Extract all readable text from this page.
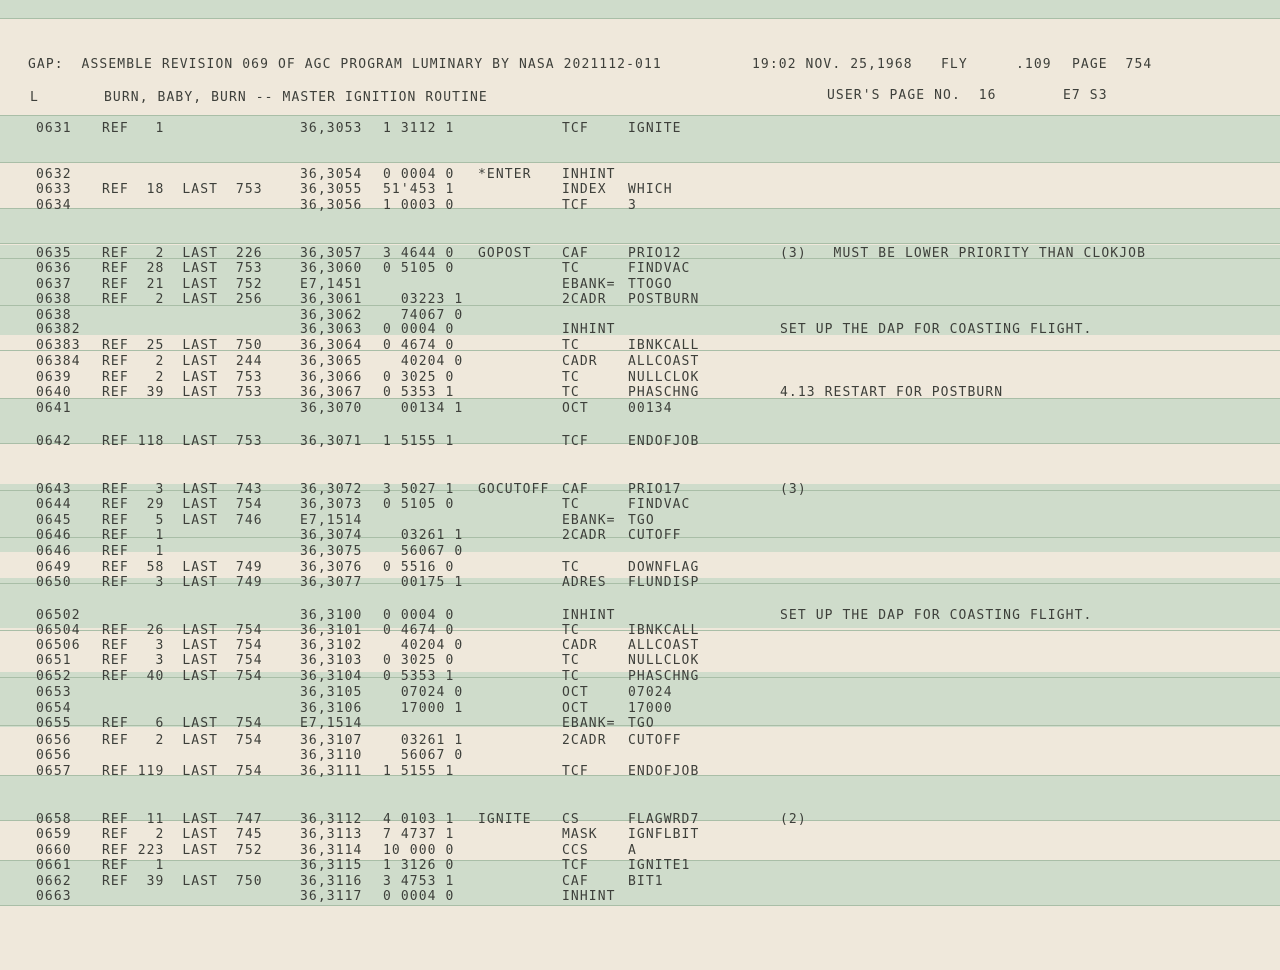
GAP:  ASSEMBLE REVISION 069 OF AGC PROGRAM LUMINARY BY NASA 2021112-011	19:02 NOV. 25,1968 FLY	.109 PAGE  754
L	BURN, BABY, BURN -- MASTER IGNITION ROUTINE	USER'S PAGE NO.  16	E7 S3
0631 REF   1	36,3053 1 3112 1	TCF	IGNITE
0632	36,3054 0 0004 0 *ENTER INHINT
0633 REF  18  LAST  753	36,3055 51'453 1	INDEX WHICH
0634	36,3056 1 0003 0	TCF	3
0635 REF   2  LAST  226	36,3057 3 4644 0 GOPOST CAF	PRIO12	(3)   MUST BE LOWER PRIORITY THAN CLOKJOB
0636 REF  28  LAST  753	36,3060 0 5105 0	TC	FINDVAC
0637 REF  21  LAST  752	E7,1451	EBANK= TTOGO
0638 REF   2  LAST  256	36,3061 03223 1	2CADR POSTBURN
0638	36,3062 74067 0
06382	36,3063 0 0004 0	INHINT	SET UP THE DAP FOR COASTING FLIGHT.
06383 REF  25  LAST  750	36,3064 0 4674 0	TC	IBNKCALL
06384 REF   2  LAST  244	36,3065 40204 0	CADR ALLCOAST
0639 REF   2  LAST  753	36,3066 0 3025 0	TC	NULLCLOK
0640 REF  39  LAST  753	36,3067 0 5353 1	TC	PHASCHNG	4.13 RESTART FOR POSTBURN
0641	36,3070 00134 1	OCT	00134
0642 REF 118  LAST  753	36,3071 1 5155 1	TCF	ENDOFJOB
0643 REF   3  LAST  743	36,3072 3 5027 1 GOCUTOFF CAF	PRIO17	(3)
0644 REF  29  LAST  754	36,3073 0 5105 0	TC	FINDVAC
0645 REF   5  LAST  746	E7,1514	EBANK= TGO
0646 REF   1	36,3074 03261 1	2CADR CUTOFF
0646 REF   1	36,3075 56067 0
0649 REF  58  LAST  749	36,3076 0 5516 0	TC	DOWNFLAG
0650 REF   3  LAST  749	36,3077 00175 1	ADRES FLUNDISP
06502	36,3100 0 0004 0	INHINT	SET UP THE DAP FOR COASTING FLIGHT.
06504 REF  26  LAST  754	36,3101 0 4674 0	TC	IBNKCALL
06506 REF   3  LAST  754	36,3102 40204 0	CADR ALLCOAST
0651 REF   3  LAST  754	36,3103 0 3025 0	TC	NULLCLOK
0652 REF  40  LAST  754	36,3104 0 5353 1	TC	PHASCHNG
0653	36,3105 07024 0	OCT	07024
0654	36,3106 17000 1	OCT	17000
0655 REF   6  LAST  754	E7,1514	EBANK= TGO
0656 REF   2  LAST  754	36,3107 03261 1	2CADR CUTOFF
0656	36,3110 56067 0
0657 REF 119  LAST  754	36,3111 1 5155 1	TCF	ENDOFJOB
0658 REF  11  LAST  747	36,3112 4 0103 1 IGNITE CS	FLAGWRD7	(2)
0659 REF   2  LAST  745	36,3113 7 4737 1	MASK IGNFLBIT
0660 REF 223  LAST  752	36,3114 10 000 0	CCS	A
0661 REF   1	36,3115 1 3126 0	TCF	IGNITE1
0662 REF  39  LAST  750	36,3116 3 4753 1	CAF	BIT1
0663	36,3117 0 0004 0	INHINT
